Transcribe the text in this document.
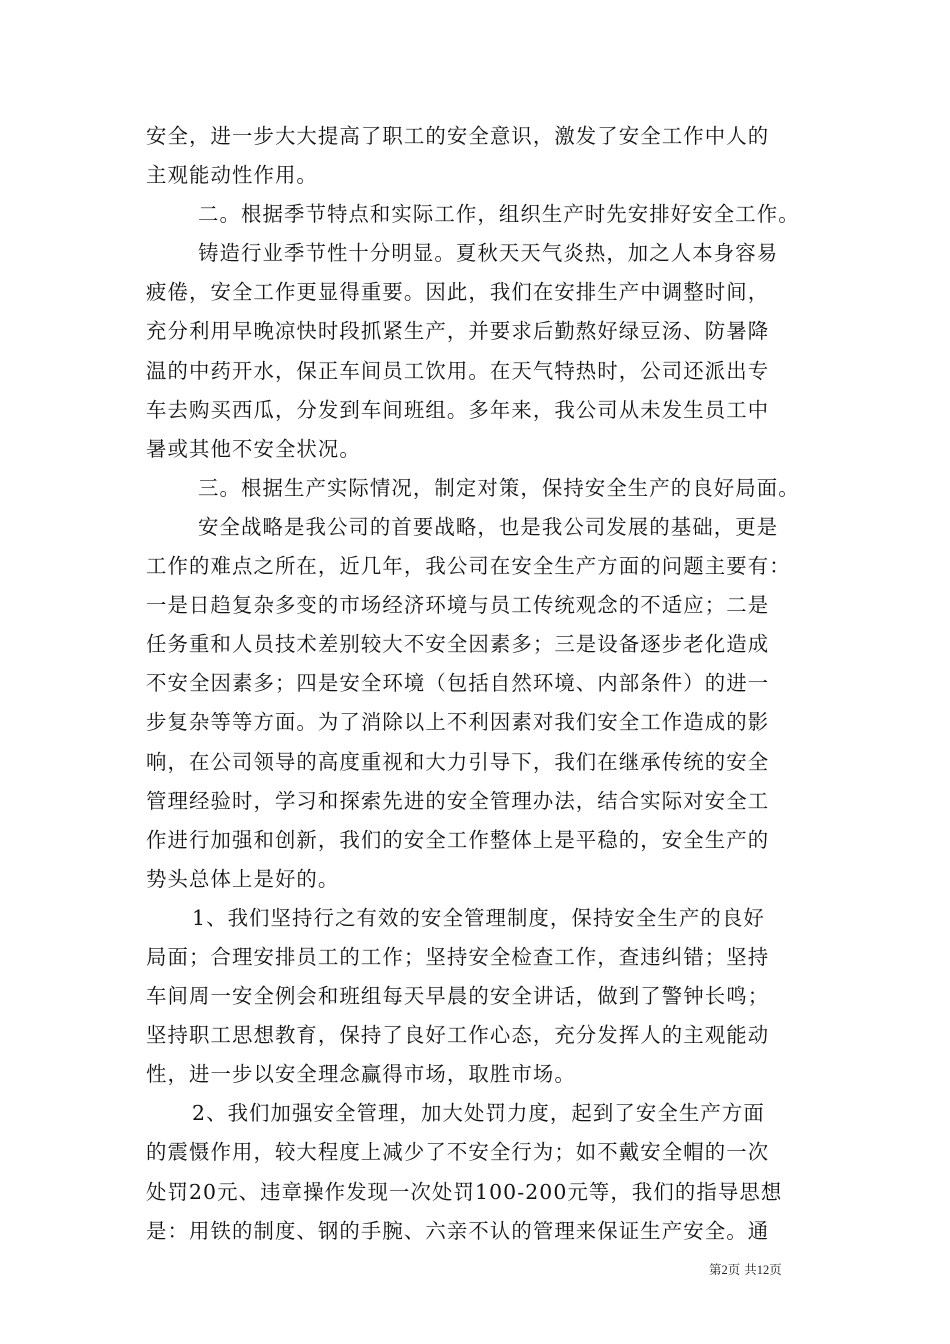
安全，进一步大大提高了职工的安全意识，激发了安全工作中人的
主观能动性作用。
二。根据季节特点和实际工作，组织生产时先安排好安全工作。
铸造行业季节性十分明显。夏秋天天气炎热，加之人本身容易
疲倦，安全工作更显得重要。因此，我们在安排生产中调整时间，
充分利用早晚凉快时段抓紧生产，并要求后勤熬好绿豆汤、防暑降
温的中药开水，保正车间员工饮用。在天气特热时，公司还派出专
车去购买西瓜，分发到车间班组。多年来，我公司从未发生员工中
暑或其他不安全状况。
三。根据生产实际情况，制定对策，保持安全生产的良好局面。
安全战略是我公司的首要战略，也是我公司发展的基础，更是
工作的难点之所在，近几年，我公司在安全生产方面的问题主要有：
一是日趋复杂多变的市场经济环境与员工传统观念的不适应；二是
任务重和人员技术差别较大不安全因素多；三是设备逐步老化造成
不安全因素多；四是安全环境（包括自然环境、内部条件）的进一
步复杂等等方面。为了消除以上不利因素对我们安全工作造成的影
响，在公司领导的高度重视和大力引导下，我们在继承传统的安全
管理经验时，学习和探索先进的安全管理办法，结合实际对安全工
作进行加强和创新，我们的安全工作整体上是平稳的，安全生产的
势头总体上是好的。
1、我们坚持行之有效的安全管理制度，保持安全生产的良好
局面；合理安排员工的工作；坚持安全检查工作，查违纠错；坚持
车间周一安全例会和班组每天早晨的安全讲话，做到了警钟长鸣；
坚持职工思想教育，保持了良好工作心态，充分发挥人的主观能动
性，进一步以安全理念赢得市场，取胜市场。
2、我们加强安全管理，加大处罚力度，起到了安全生产方面
的震慑作用，较大程度上减少了不安全行为；如不戴安全帽的一次
处罚20元、违章操作发现一次处罚100-200元等，我们的指导思想
是：用铁的制度、钢的手腕、六亲不认的管理来保证生产安全。通
第2页 共12页
